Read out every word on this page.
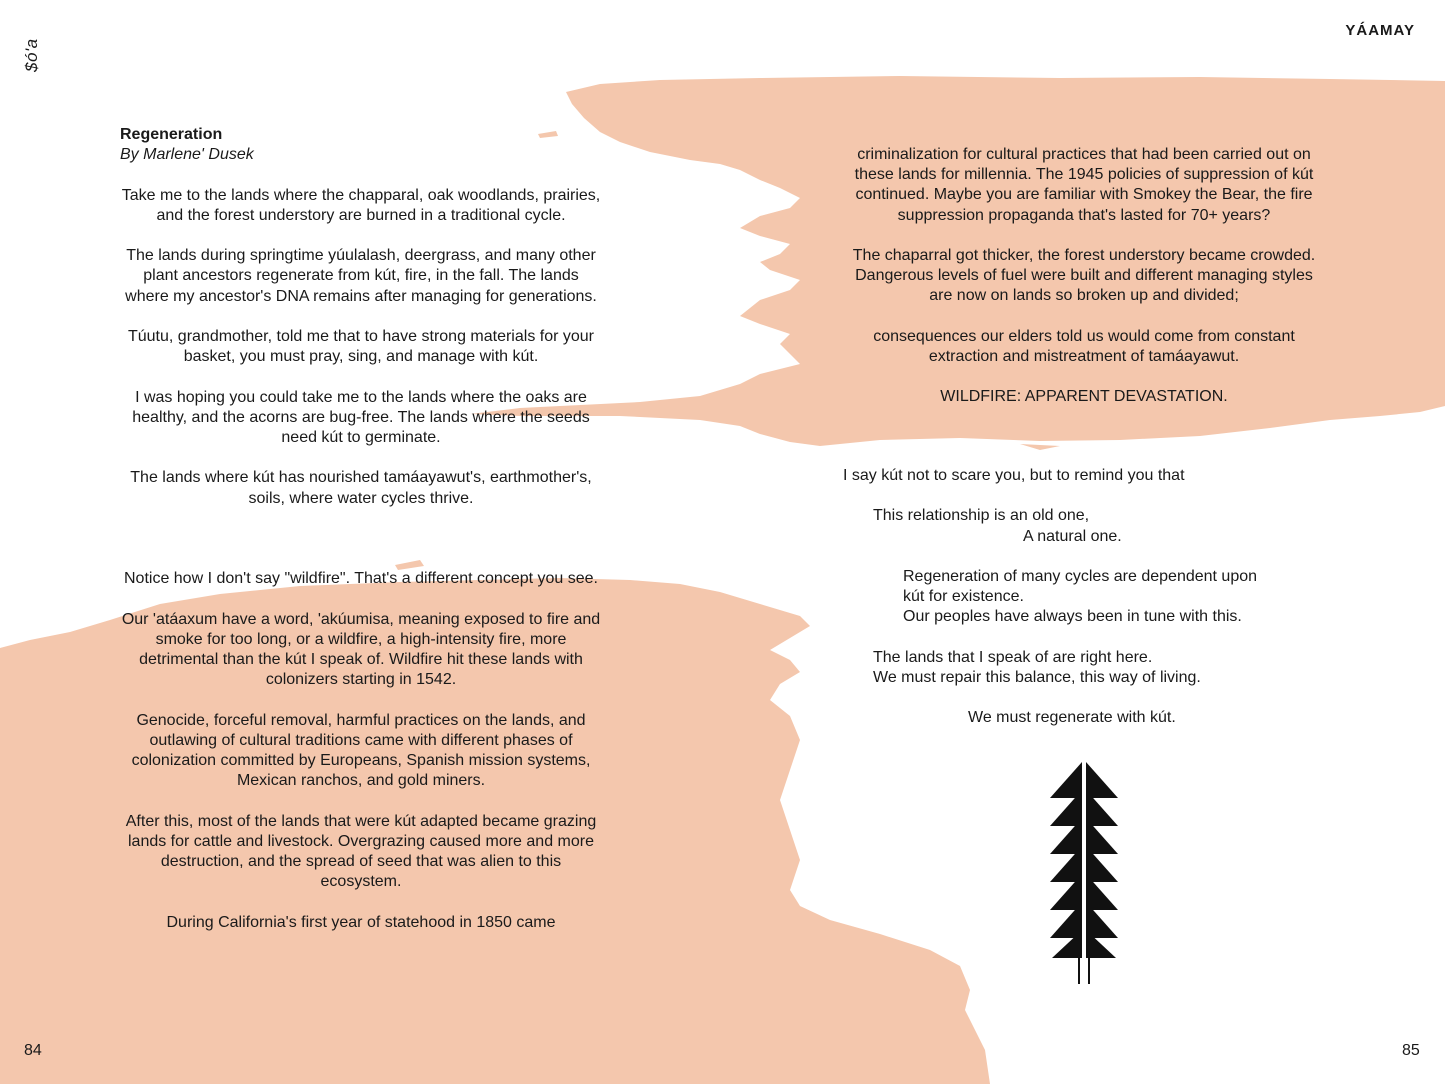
$ó'a
YÁAMAY
Regeneration

By Marlene' Dusek

Take me to the lands where the chapparal, oak woodlands, prairies, and the forest understory are burned in a traditional cycle.

The lands during springtime yúulalash, deergrass, and many other plant ancestors regenerate from kút, fire, in the fall. The lands where my ancestor's DNA remains after managing for generations.

Túutu, grandmother, told me that to have strong materials for your basket, you must pray, sing, and manage with kút.

I was hoping you could take me to the lands where the oaks are healthy, and the acorns are bug-free. The lands where the seeds need kút to germinate.

The lands where kút has nourished tamáayawut's, earthmother's, soils, where water cycles thrive.

Notice how I don't say "wildfire". That's a different concept you see.

Our 'atáaxum have a word, 'akúumisa, meaning exposed to fire and smoke for too long, or a wildfire, a high-intensity fire, more detrimental than the kút I speak of. Wildfire hit these lands with colonizers starting in 1542.

Genocide, forceful removal, harmful practices on the lands, and outlawing of cultural traditions came with different phases of colonization committed by Europeans, Spanish mission systems, Mexican ranchos, and gold miners.

After this, most of the lands that were kút adapted became grazing lands for cattle and livestock. Overgrazing caused more and more destruction, and the spread of seed that was alien to this ecosystem.

During California's first year of statehood in 1850 came

84

criminalization for cultural practices that had been carried out on these lands for millennia. The 1945 policies of suppression of kút continued. Maybe you are familiar with Smokey the Bear, the fire suppression propaganda that's lasted for 70+ years?

The chaparral got thicker, the forest understory became crowded. Dangerous levels of fuel were built and different managing styles are now on lands so broken up and divided;

consequences our elders told us would come from constant extraction and mistreatment of tamáayawut.

WILDFIRE: APPARENT DEVASTATION.

I say kút not to scare you, but to remind you that
This relationship is an old one,
A natural one.
Regeneration of many cycles are dependent upon
kút for existence.
Our peoples have always been in tune with this.
The lands that I speak of are right here.
We must repair this balance, this way of living.
We must regenerate with kút.
85
